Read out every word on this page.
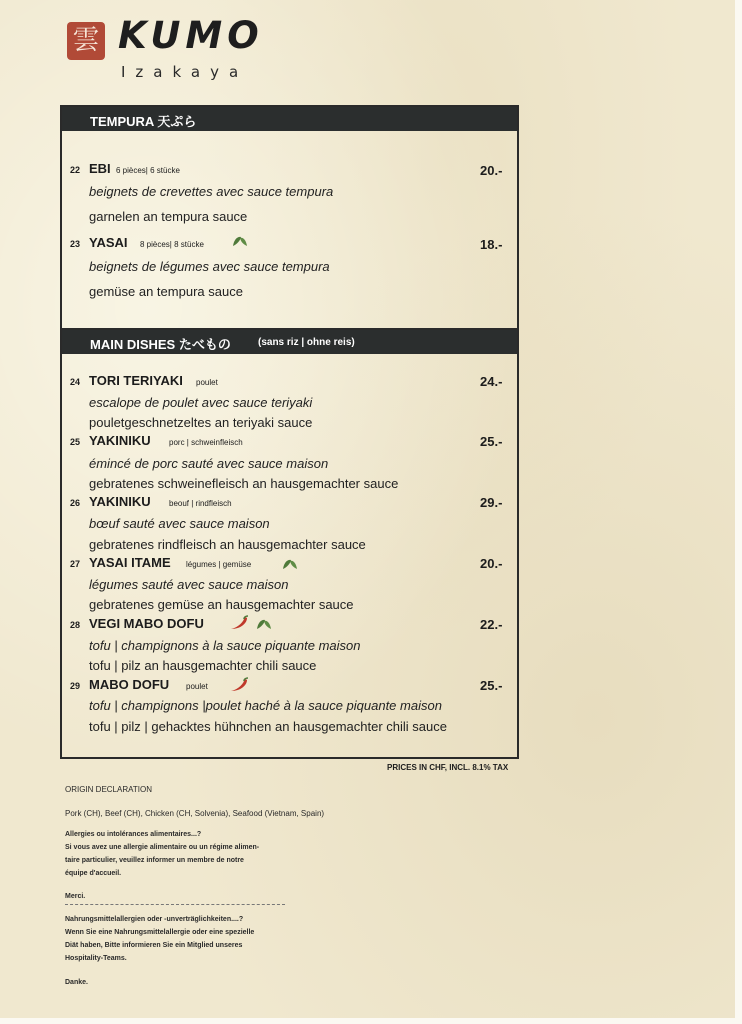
雲 KUMO
Izakaya
TEMPURA 天ぷら
MAIN DISHES たべもの	(sans riz | ohne reis)
22 EBI 6 pièces| 6 stücke	20.-
beignets de crevettes avec sauce tempura
garnelen an tempura sauce
23 YASAI 8 pièces| 8 stücke	18.-
beignets de légumes avec sauce tempura
gemüse an tempura sauce
24 TORI TERIYAKI poulet	24.-
escalope de poulet avec sauce teriyaki
pouletgeschnetzeltes an teriyaki sauce
25 YAKINIKU porc | schweinfleisch	25.-
émincé de porc sauté avec sauce maison
gebratenes schweinefleisch an hausgemachter sauce
26 YAKINIKU beouf | rindfleisch	29.-
bœuf sauté avec sauce maison
gebratenes rindfleisch an hausgemachter sauce
27 YASAI ITAME légumes | gemüse	20.-
légumes sauté avec sauce maison
gebratenes gemüse an hausgemachter sauce
28 VEGI MABO DOFU	22.-
tofu | champignons à la sauce piquante maison
tofu | pilz an hausgemachter chili sauce
29 MABO DOFU poulet	25.-
tofu | champignons |poulet haché à la sauce piquante maison
tofu | pilz | gehacktes hühnchen an hausgemachter chili sauce
PRICES IN CHF, INCL. 8.1% TAX
ORIGIN DECLARATION
Pork (CH), Beef (CH), Chicken (CH, Solvenia), Seafood (Vietnam, Spain)
Allergies ou intolérances alimentaires...?
Si vous avez une allergie alimentaire ou un régime alimen-
taire particulier, veuillez informer un membre de notre
équipe d'accueil.
Merci.
Nahrungsmittelallergien oder -unverträglichkeiten....?
Wenn Sie eine Nahrungsmittelallergie oder eine spezielle
Diät haben, Bitte informieren Sie ein Mitglied unseres
Hospitality-Teams.
Danke.
